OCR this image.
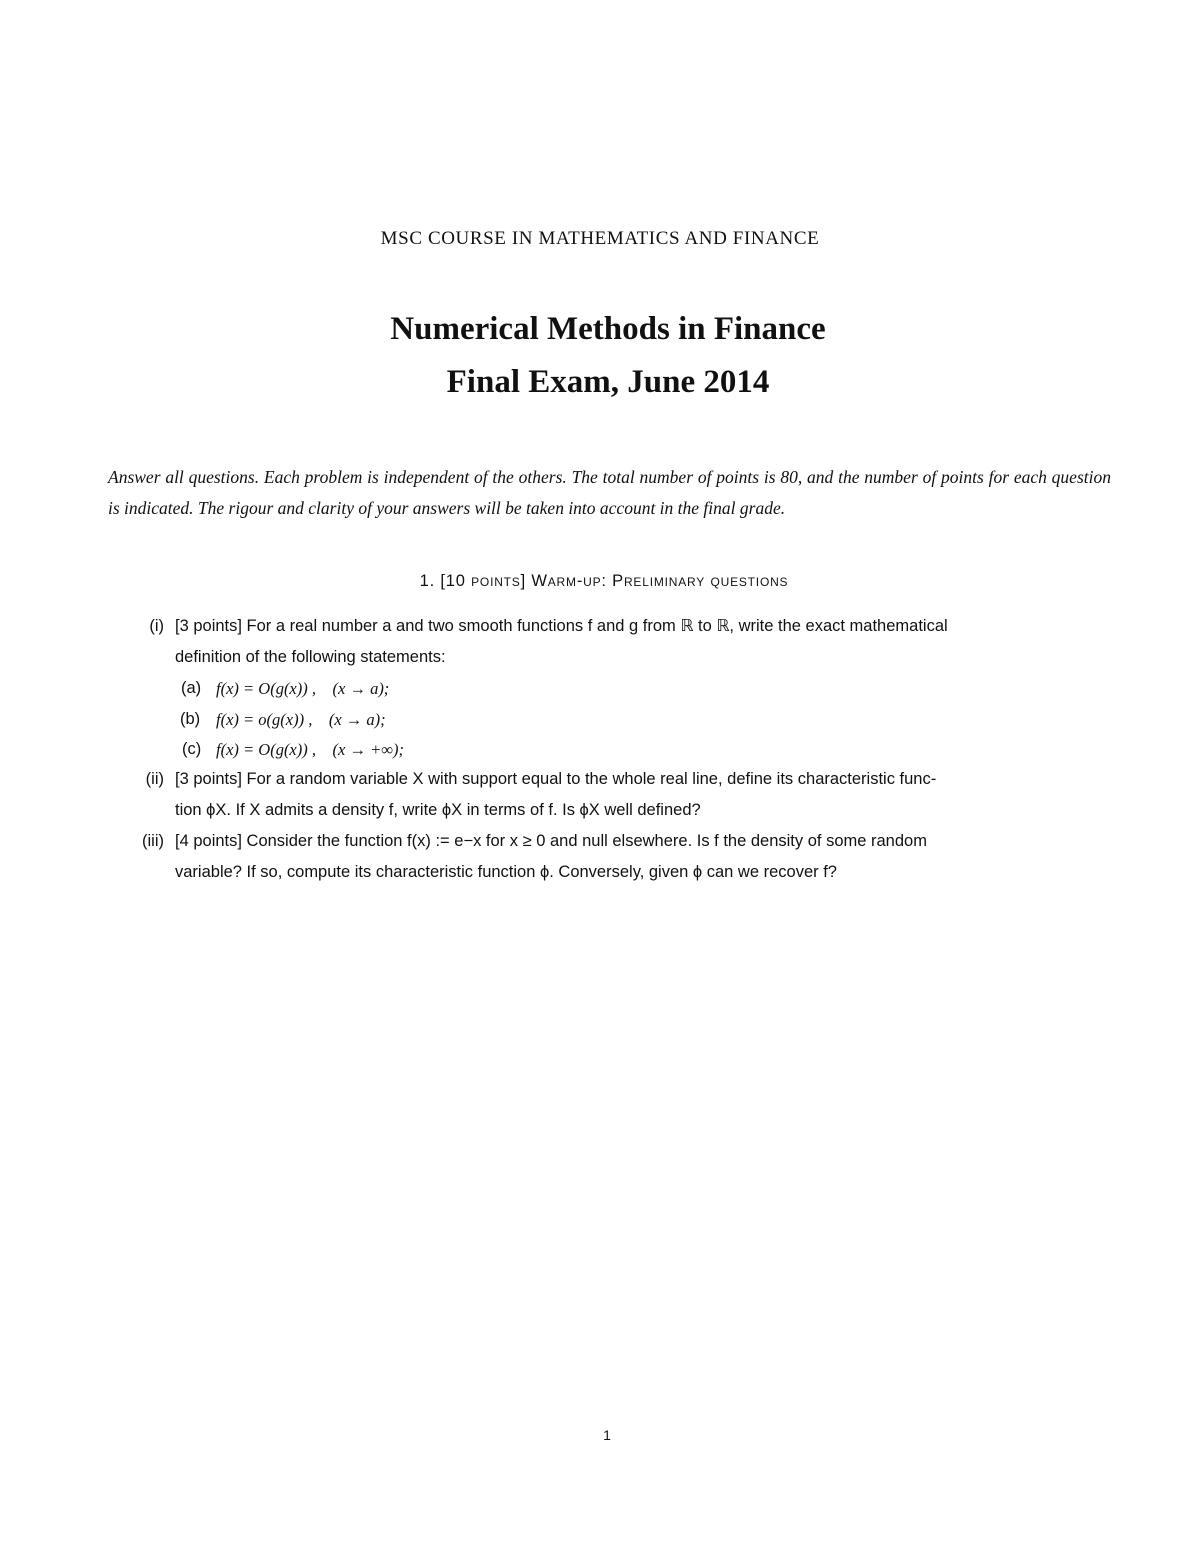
MSC COURSE IN MATHEMATICS AND FINANCE
Numerical Methods in Finance
Final Exam, June 2014
Answer all questions. Each problem is independent of the others. The total number of points is 80, and the number of points for each question is indicated. The rigour and clarity of your answers will be taken into account in the final grade.
1. [10 points] Warm-up: Preliminary questions
(i) [3 points] For a real number a and two smooth functions f and g from ℝ to ℝ, write the exact mathematical
definition of the following statements:
(a) f(x) = O(g(x)) ,    (x → a);
(b) f(x) = o(g(x)) ,    (x → a);
(c) f(x) = O(g(x)) ,    (x → +∞);
(ii) [3 points] For a random variable X with support equal to the whole real line, define its characteristic func-
tion ϕX. If X admits a density f, write ϕX in terms of f. Is ϕX well defined?
(iii) [4 points] Consider the function f(x) := e−x for x ≥ 0 and null elsewhere. Is f the density of some random
variable? If so, compute its characteristic function ϕ. Conversely, given ϕ can we recover f?
1
